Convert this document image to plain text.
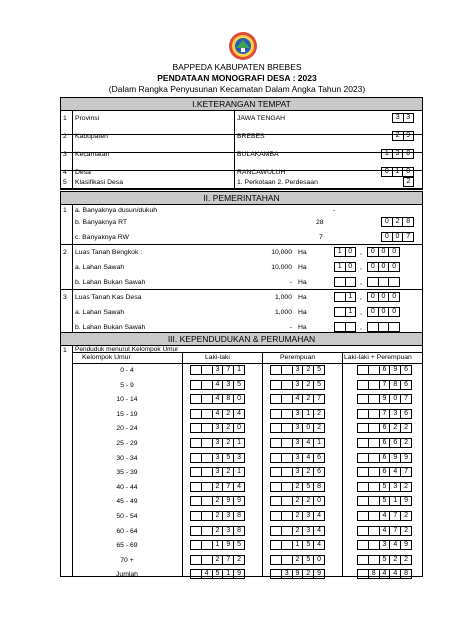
BAPPEDA KABUPATEN BREBES
PENDATAAN MONOGRAFI DESA : 2023
(Dalam Rangka Penyusunan Kecamatan Dalam Angka Tahun 2023)
I.KETERANGAN TEMPAT
1 Provinsi	JAWA TENGAH	3 3
2 Kabupaten	BREBES	2 9
3 Kecamatan	BULAKAMBA	1 3 0
4 Desa	RANCAWULUH	0 1 0
5 Klasifikasi Desa	1. Perkotaan 2. Perdesaan	2
II. PEMERINTAHAN
1 a. Banyaknya dusun/dukuh	-
b. Banyaknya RT	28	0 2 8
c. Banyaknya RW	7	0 0 7
2 Luas Tanah Bengkok :	10,000 Ha	1 0	,	0 0 0
a. Lahan Sawah	10,000 Ha	1 0	,	0 0 0
b. Lahan Bukan Sawah	- Ha	,
3 Luas Tanah Kas Desa	1,000 Ha	1	,	0 0 0
a. Lahan Sawah	1,000 Ha	1	,	0 0 0
b. Lahan Bukan Sawah	- Ha	,
III. KEPENDUDUKAN & PERUMAHAN
1 Penduduk menurut Kelompok Umur
Kelompok Umur	Laki-laki	Perempuan	Laki-laki + Perempuan
0 - 4	3 7 1	3 2 5	6 9 6
5 - 9	4 3 5	3 2 5	7 8 6
10 - 14	4 8 0	4 2 7	9 0 7
15 - 19	4 2 4	3 1 2	7 3 6
20 - 24	3 2 0	3 0 2	6 2 2
25 - 29	3 2 1	3 4 1	6 6 2
30 - 34	3 5 3	3 4 6	6 9 9
35 - 39	3 2 1	3 2 6	6 4 7
40 - 44	2 7 4	2 5 8	5 3 2
45 - 49	2 9 9	2 2 0	5 1 9
50 - 54	2 3 8	2 3 4	4 7 2
60 - 64	2 3 8	2 3 4	4 7 2
65 - 69	1 9 5	1 5 4	3 4 9
70 +	2 7 2	2 5 0	5 2 2
Jumlah	4 5 1 9	3 9 2 9	8 4 4 8
